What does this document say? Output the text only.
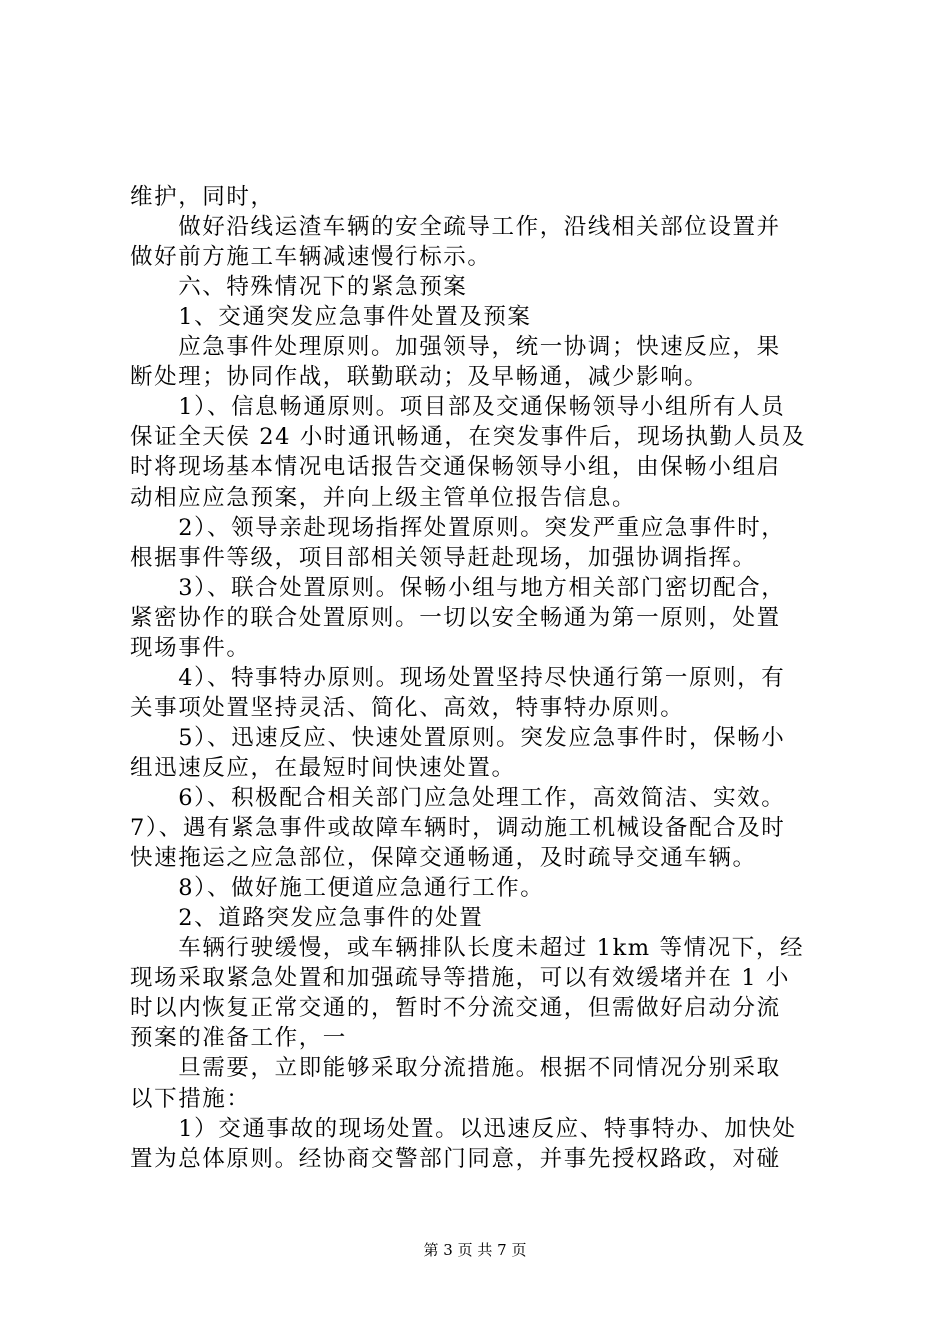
维护，同时，
　　做好沿线运渣车辆的安全疏导工作，沿线相关部位设置并
做好前方施工车辆减速慢行标示。
　　六、特殊情况下的紧急预案
　　1、交通突发应急事件处置及预案
　　应急事件处理原则。加强领导，统一协调；快速反应，果
断处理；协同作战，联勤联动；及早畅通，减少影响。
　　1）、信息畅通原则。项目部及交通保畅领导小组所有人员
保证全天侯 24 小时通讯畅通，在突发事件后，现场执勤人员及
时将现场基本情况电话报告交通保畅领导小组，由保畅小组启
动相应应急预案，并向上级主管单位报告信息。
　　2）、领导亲赴现场指挥处置原则。突发严重应急事件时，
根据事件等级，项目部相关领导赶赴现场，加强协调指挥。
　　3）、联合处置原则。保畅小组与地方相关部门密切配合，
紧密协作的联合处置原则。一切以安全畅通为第一原则，处置
现场事件。
　　4）、特事特办原则。现场处置坚持尽快通行第一原则，有
关事项处置坚持灵活、简化、高效，特事特办原则。
　　5）、迅速反应、快速处置原则。突发应急事件时，保畅小
组迅速反应，在最短时间快速处置。
　　6）、积极配合相关部门应急处理工作，高效简洁、实效。
7）、遇有紧急事件或故障车辆时，调动施工机械设备配合及时
快速拖运之应急部位，保障交通畅通，及时疏导交通车辆。
　　8）、做好施工便道应急通行工作。
　　2、道路突发应急事件的处置
　　车辆行驶缓慢，或车辆排队长度未超过 1km 等情况下，经
现场采取紧急处置和加强疏导等措施，可以有效缓堵并在 1 小
时以内恢复正常交通的，暂时不分流交通，但需做好启动分流
预案的准备工作，一
　　旦需要，立即能够采取分流措施。根据不同情况分别采取
以下措施：
　　1）交通事故的现场处置。以迅速反应、特事特办、加快处
置为总体原则。经协商交警部门同意，并事先授权路政，对碰
第 3 页 共 7 页
